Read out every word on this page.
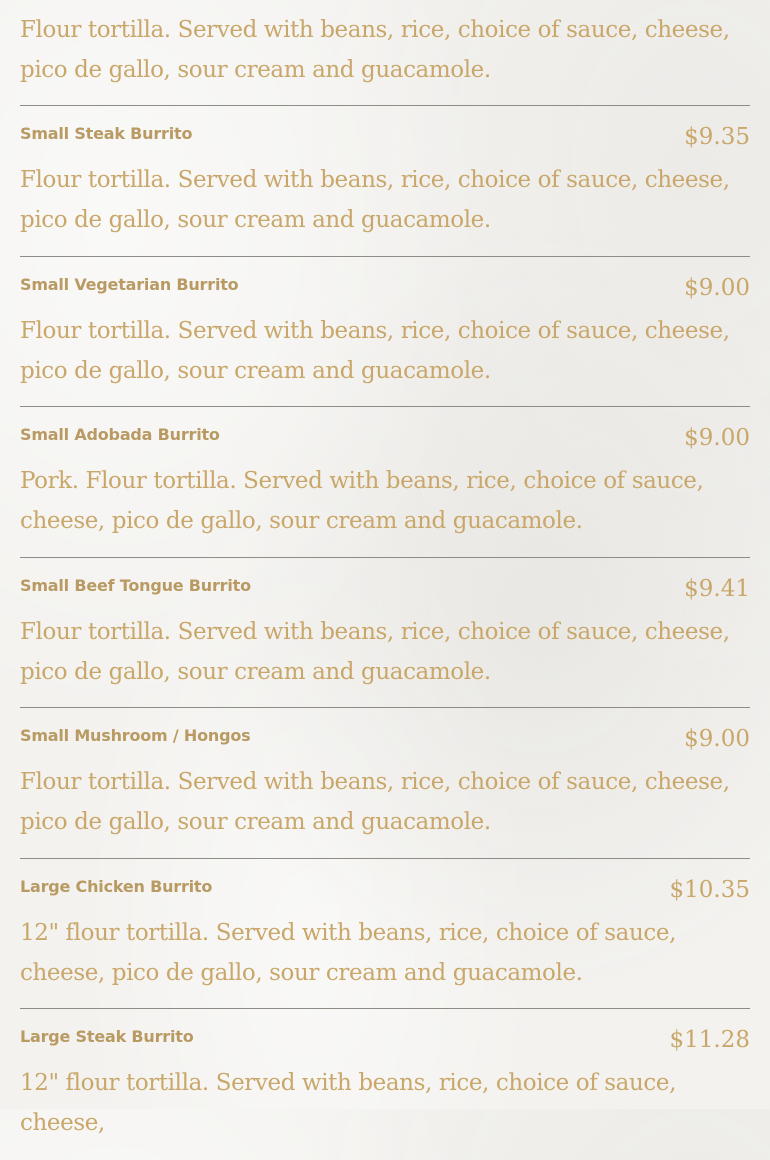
Flour tortilla. Served with beans, rice, choice of sauce, cheese, pico de gallo, sour cream and guacamole.
Small Steak Burrito	$9.35
Flour tortilla. Served with beans, rice, choice of sauce, cheese, pico de gallo, sour cream and guacamole.
Small Vegetarian Burrito	$9.00
Flour tortilla. Served with beans, rice, choice of sauce, cheese, pico de gallo, sour cream and guacamole.
Small Adobada Burrito	$9.00
Pork. Flour tortilla. Served with beans, rice, choice of sauce, cheese, pico de gallo, sour cream and guacamole.
Small Beef Tongue Burrito	$9.41
Flour tortilla. Served with beans, rice, choice of sauce, cheese, pico de gallo, sour cream and guacamole.
Small Mushroom / Hongos	$9.00
Flour tortilla. Served with beans, rice, choice of sauce, cheese, pico de gallo, sour cream and guacamole.
Large Chicken Burrito	$10.35
12" flour tortilla. Served with beans, rice, choice of sauce, cheese, pico de gallo, sour cream and guacamole.
Large Steak Burrito	$11.28
12" flour tortilla. Served with beans, rice, choice of sauce, cheese,
